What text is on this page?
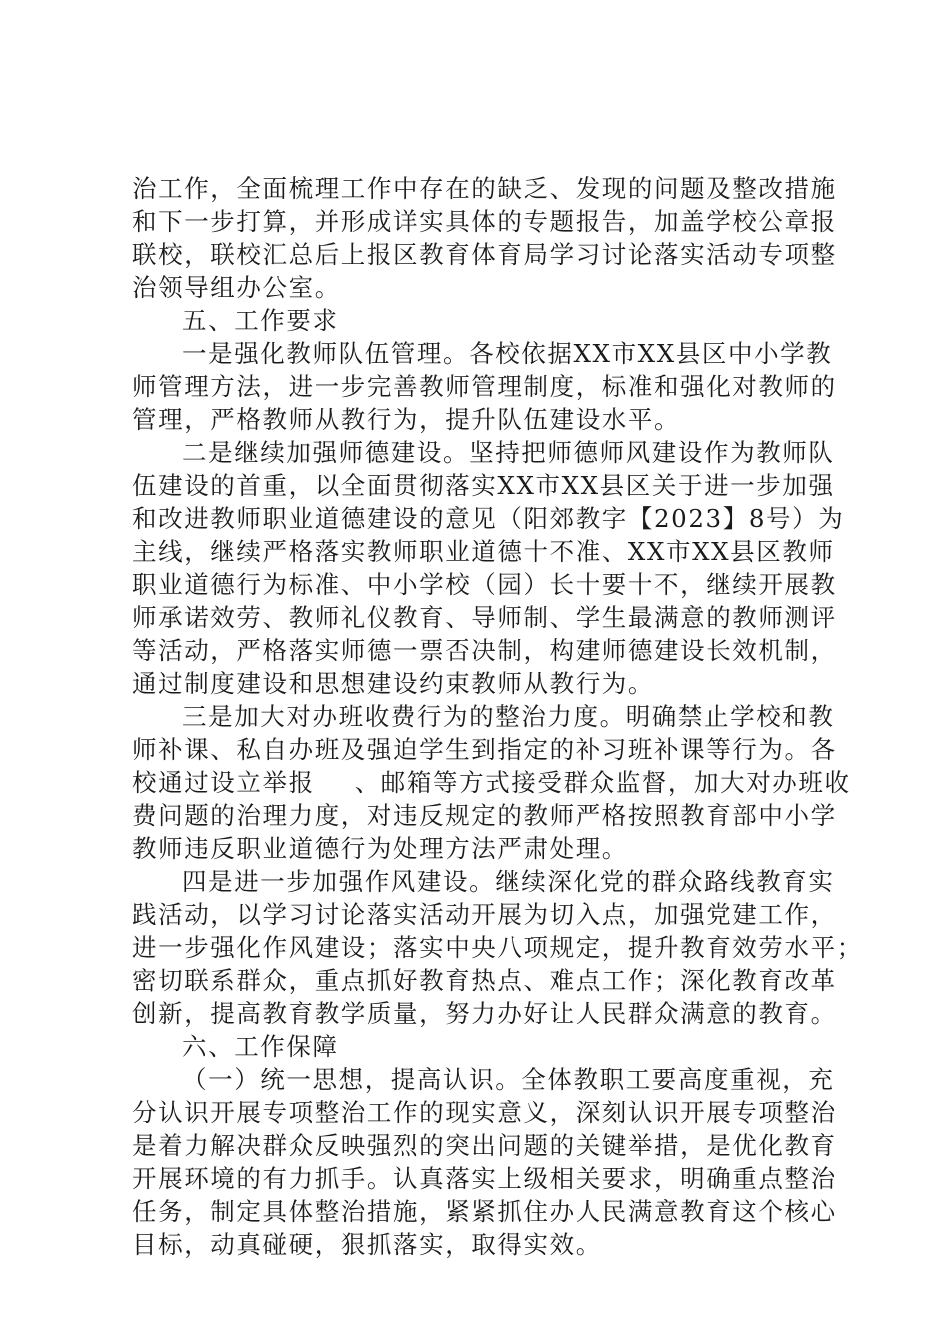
治工作，全面梳理工作中存在的缺乏、发现的问题及整改措施
和下一步打算，并形成详实具体的专题报告，加盖学校公章报
联校，联校汇总后上报区教育体育局学习讨论落实活动专项整
治领导组办公室。
五、工作要求
一是强化教师队伍管理。各校依据XX市XX县区中小学教
师管理方法，进一步完善教师管理制度，标准和强化对教师的
管理，严格教师从教行为，提升队伍建设水平。
二是继续加强师德建设。坚持把师德师风建设作为教师队
伍建设的首重，以全面贯彻落实XX市XX县区关于进一步加强
和改进教师职业道德建设的意见（阳郊教字【2023】8号）为
主线，继续严格落实教师职业道德十不准、XX市XX县区教师
职业道德行为标准、中小学校（园）长十要十不，继续开展教
师承诺效劳、教师礼仪教育、导师制、学生最满意的教师测评
等活动，严格落实师德一票否决制，构建师德建设长效机制，
通过制度建设和思想建设约束教师从教行为。
三是加大对办班收费行为的整治力度。明确禁止学校和教
师补课、私自办班及强迫学生到指定的补习班补课等行为。各
校通过设立举报 、邮箱等方式接受群众监督，加大对办班收
费问题的治理力度，对违反规定的教师严格按照教育部中小学
教师违反职业道德行为处理方法严肃处理。
四是进一步加强作风建设。继续深化党的群众路线教育实
践活动，以学习讨论落实活动开展为切入点，加强党建工作，
进一步强化作风建设；落实中央八项规定，提升教育效劳水平；
密切联系群众，重点抓好教育热点、难点工作；深化教育改革
创新，提高教育教学质量，努力办好让人民群众满意的教育。
六、工作保障
（一）统一思想，提高认识。全体教职工要高度重视，充
分认识开展专项整治工作的现实意义，深刻认识开展专项整治
是着力解决群众反映强烈的突出问题的关键举措，是优化教育
开展环境的有力抓手。认真落实上级相关要求，明确重点整治
任务，制定具体整治措施，紧紧抓住办人民满意教育这个核心
目标，动真碰硬，狠抓落实，取得实效。
